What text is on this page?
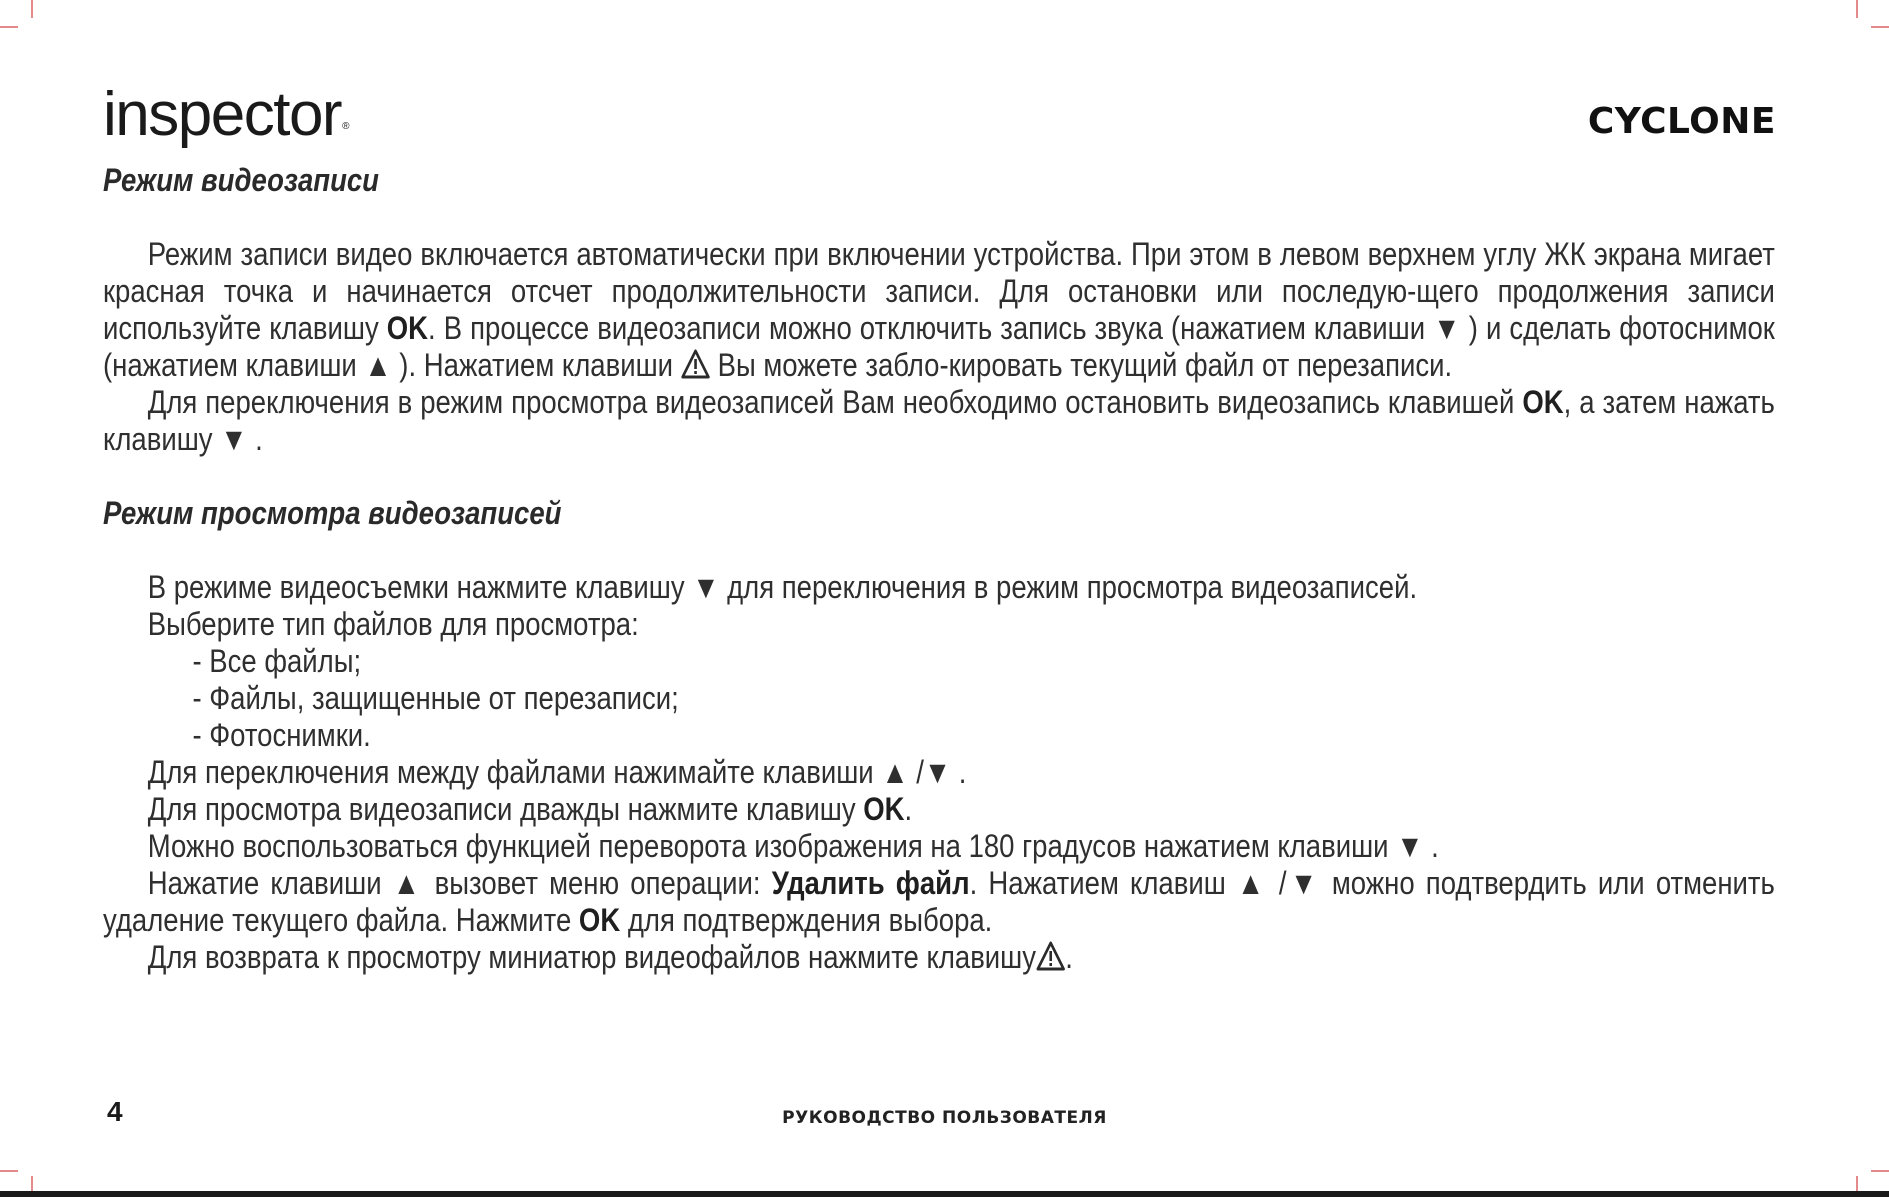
inspector®	CYCLONE

Режим видеозаписи

Режим записи видео включается автоматически при включении устройства. При этом в левом верхнем углу ЖК экрана мигает красная точка и начинается отсчет продолжительности записи. Для остановки или последую-щего продолжения записи используйте клавишу OK. В процессе видеозаписи можно отключить запись звука (нажатием клавиши ▼ ) и сделать фотоснимок (нажатием клавиши ▲ ). Нажатием клавиши  Вы можете забло-кировать текущий файл от перезаписи.

Для переключения в режим просмотра видеозаписей Вам необходимо остановить видеозапись клавишей OK, а затем нажать клавишу ▼ .

Режим просмотра видеозаписей

В режиме видеосъемки нажмите клавишу ▼ для переключения в режим просмотра видеозаписей.

Выберите тип файлов для просмотра:

- Все файлы;

- Файлы, защищенные от перезаписи;

- Фотоснимки.

Для переключения между файлами нажимайте клавиши ▲ /▼ .

Для просмотра видеозаписи дважды нажмите клавишу OK.

Можно воспользоваться функцией переворота изображения на 180 градусов нажатием клавиши ▼ .

Нажатие клавиши ▲ вызовет меню операции: Удалить файл. Нажатием клавиш ▲ /▼ можно подтвердить или отменить удаление текущего файла. Нажмите OK для подтверждения выбора.

Для возврата к просмотру миниатюр видеофайлов нажмите клавишу .

4	РУКОВОДСТВО ПОЛЬЗОВАТЕЛЯ
